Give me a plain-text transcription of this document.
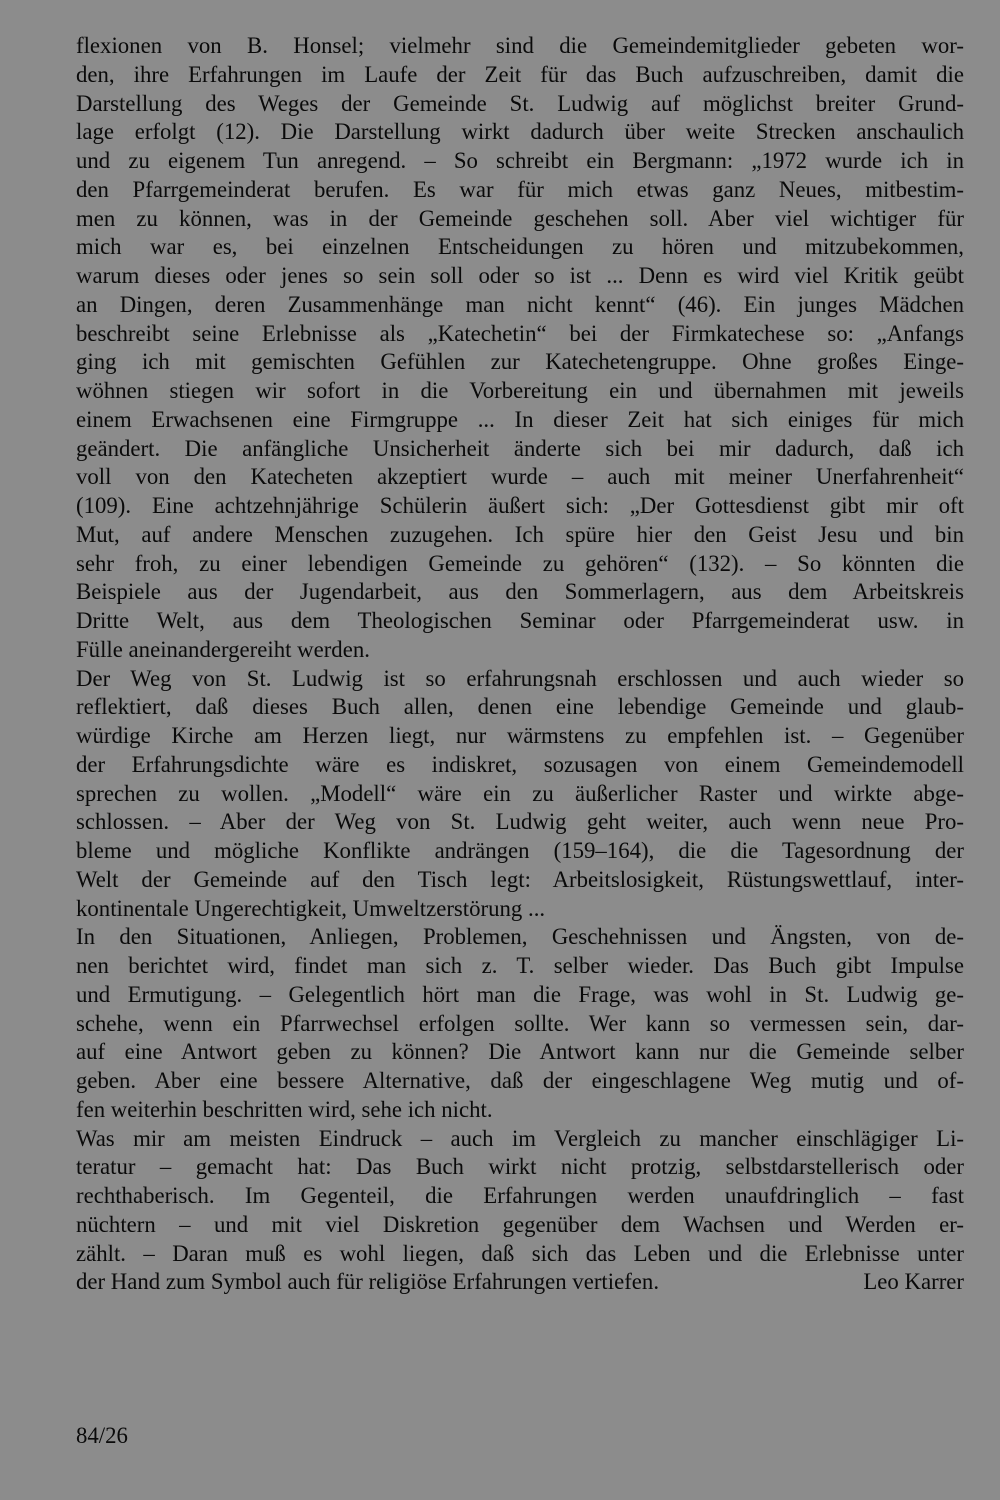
flexionen von B. Honsel; vielmehr sind die Gemeindemitglieder gebeten wor-
den, ihre Erfahrungen im Laufe der Zeit für das Buch aufzuschreiben, damit die
Darstellung des Weges der Gemeinde St. Ludwig auf möglichst breiter Grund-
lage erfolgt (12). Die Darstellung wirkt dadurch über weite Strecken anschaulich
und zu eigenem Tun anregend. – So schreibt ein Bergmann: „1972 wurde ich in
den Pfarrgemeinderat berufen. Es war für mich etwas ganz Neues, mitbestim-
men zu können, was in der Gemeinde geschehen soll. Aber viel wichtiger für
mich war es, bei einzelnen Entscheidungen zu hören und mitzubekommen,
warum dieses oder jenes so sein soll oder so ist ... Denn es wird viel Kritik geübt
an Dingen, deren Zusammenhänge man nicht kennt“ (46). Ein junges Mädchen
beschreibt seine Erlebnisse als „Katechetin“ bei der Firmkatechese so: „Anfangs
ging ich mit gemischten Gefühlen zur Katechetengruppe. Ohne großes Einge-
wöhnen stiegen wir sofort in die Vorbereitung ein und übernahmen mit jeweils
einem Erwachsenen eine Firmgruppe ... In dieser Zeit hat sich einiges für mich
geändert. Die anfängliche Unsicherheit änderte sich bei mir dadurch, daß ich
voll von den Katecheten akzeptiert wurde – auch mit meiner Unerfahrenheit“
(109). Eine achtzehnjährige Schülerin äußert sich: „Der Gottesdienst gibt mir oft
Mut, auf andere Menschen zuzugehen. Ich spüre hier den Geist Jesu und bin
sehr froh, zu einer lebendigen Gemeinde zu gehören“ (132). – So könnten die
Beispiele aus der Jugendarbeit, aus den Sommerlagern, aus dem Arbeitskreis
Dritte Welt, aus dem Theologischen Seminar oder Pfarrgemeinderat usw. in
Fülle aneinandergereiht werden.
Der Weg von St. Ludwig ist so erfahrungsnah erschlossen und auch wieder so
reflektiert, daß dieses Buch allen, denen eine lebendige Gemeinde und glaub-
würdige Kirche am Herzen liegt, nur wärmstens zu empfehlen ist. – Gegenüber
der Erfahrungsdichte wäre es indiskret, sozusagen von einem Gemeindemodell
sprechen zu wollen. „Modell“ wäre ein zu äußerlicher Raster und wirkte abge-
schlossen. – Aber der Weg von St. Ludwig geht weiter, auch wenn neue Pro-
bleme und mögliche Konflikte andrängen (159–164), die die Tagesordnung der
Welt der Gemeinde auf den Tisch legt: Arbeitslosigkeit, Rüstungswettlauf, inter-
kontinentale Ungerechtigkeit, Umweltzerstörung ...
In den Situationen, Anliegen, Problemen, Geschehnissen und Ängsten, von de-
nen berichtet wird, findet man sich z. T. selber wieder. Das Buch gibt Impulse
und Ermutigung. – Gelegentlich hört man die Frage, was wohl in St. Ludwig ge-
schehe, wenn ein Pfarrwechsel erfolgen sollte. Wer kann so vermessen sein, dar-
auf eine Antwort geben zu können? Die Antwort kann nur die Gemeinde selber
geben. Aber eine bessere Alternative, daß der eingeschlagene Weg mutig und of-
fen weiterhin beschritten wird, sehe ich nicht.
Was mir am meisten Eindruck – auch im Vergleich zu mancher einschlägiger Li-
teratur – gemacht hat: Das Buch wirkt nicht protzig, selbstdarstellerisch oder
rechthaberisch. Im Gegenteil, die Erfahrungen werden unaufdringlich – fast
nüchtern – und mit viel Diskretion gegenüber dem Wachsen und Werden er-
zählt. – Daran muß es wohl liegen, daß sich das Leben und die Erlebnisse unter
der Hand zum Symbol auch für religiöse Erfahrungen vertiefen.	Leo Karrer
84/26
